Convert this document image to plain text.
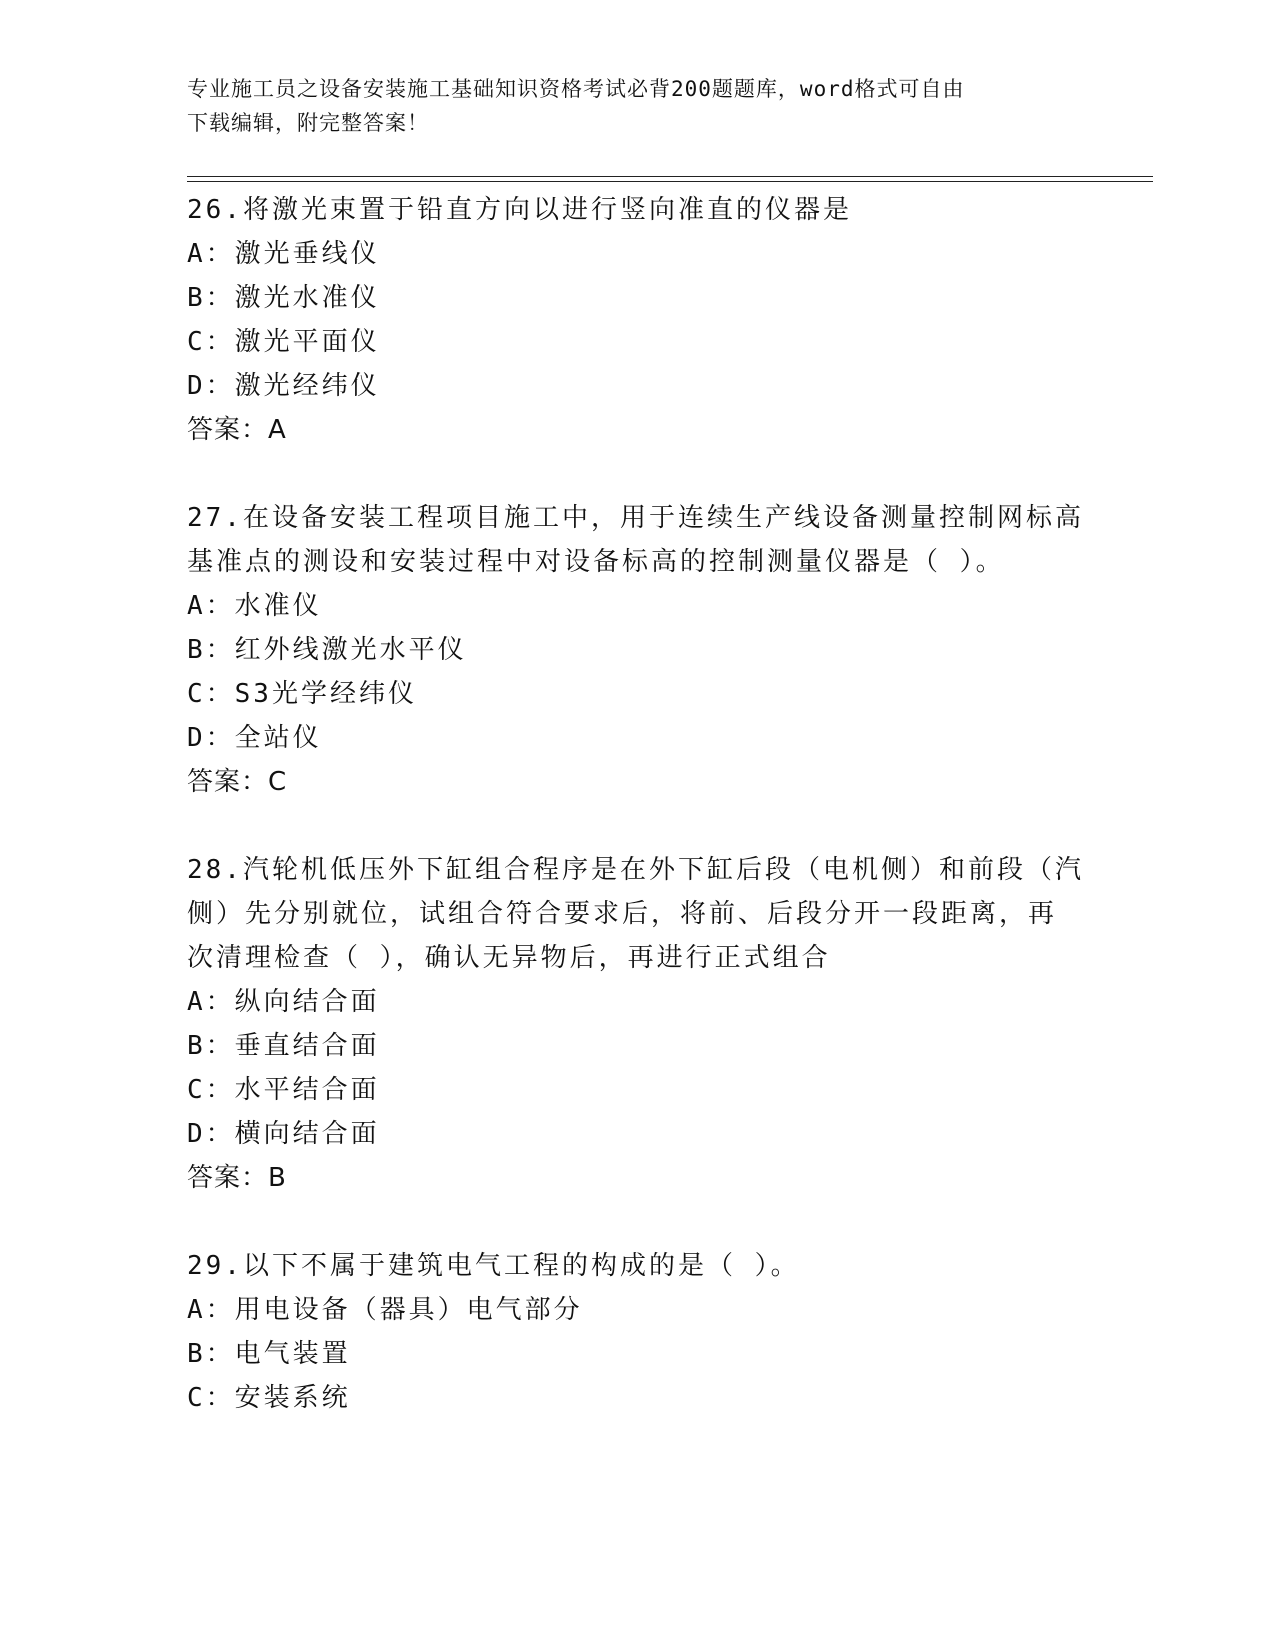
专业施工员之设备安装施工基础知识资格考试必背200题题库，word格式可自由
下载编辑，附完整答案！
26.将激光束置于铅直方向以进行竖向准直的仪器是
A：激光垂线仪
B：激光水准仪
C：激光平面仪
D：激光经纬仪
答案：A
27.在设备安装工程项目施工中，用于连续生产线设备测量控制网标高
基准点的测设和安装过程中对设备标高的控制测量仪器是（ ）。
A：水准仪
B：红外线激光水平仪
C：S3光学经纬仪
D：全站仪
答案：C
28.汽轮机低压外下缸组合程序是在外下缸后段（电机侧）和前段（汽
侧）先分别就位，试组合符合要求后，将前、后段分开一段距离，再
次清理检查（ ），确认无异物后，再进行正式组合
A：纵向结合面
B：垂直结合面
C：水平结合面
D：横向结合面
答案：B
29.以下不属于建筑电气工程的构成的是（ ）。
A：用电设备（器具）电气部分
B：电气装置
C：安装系统
